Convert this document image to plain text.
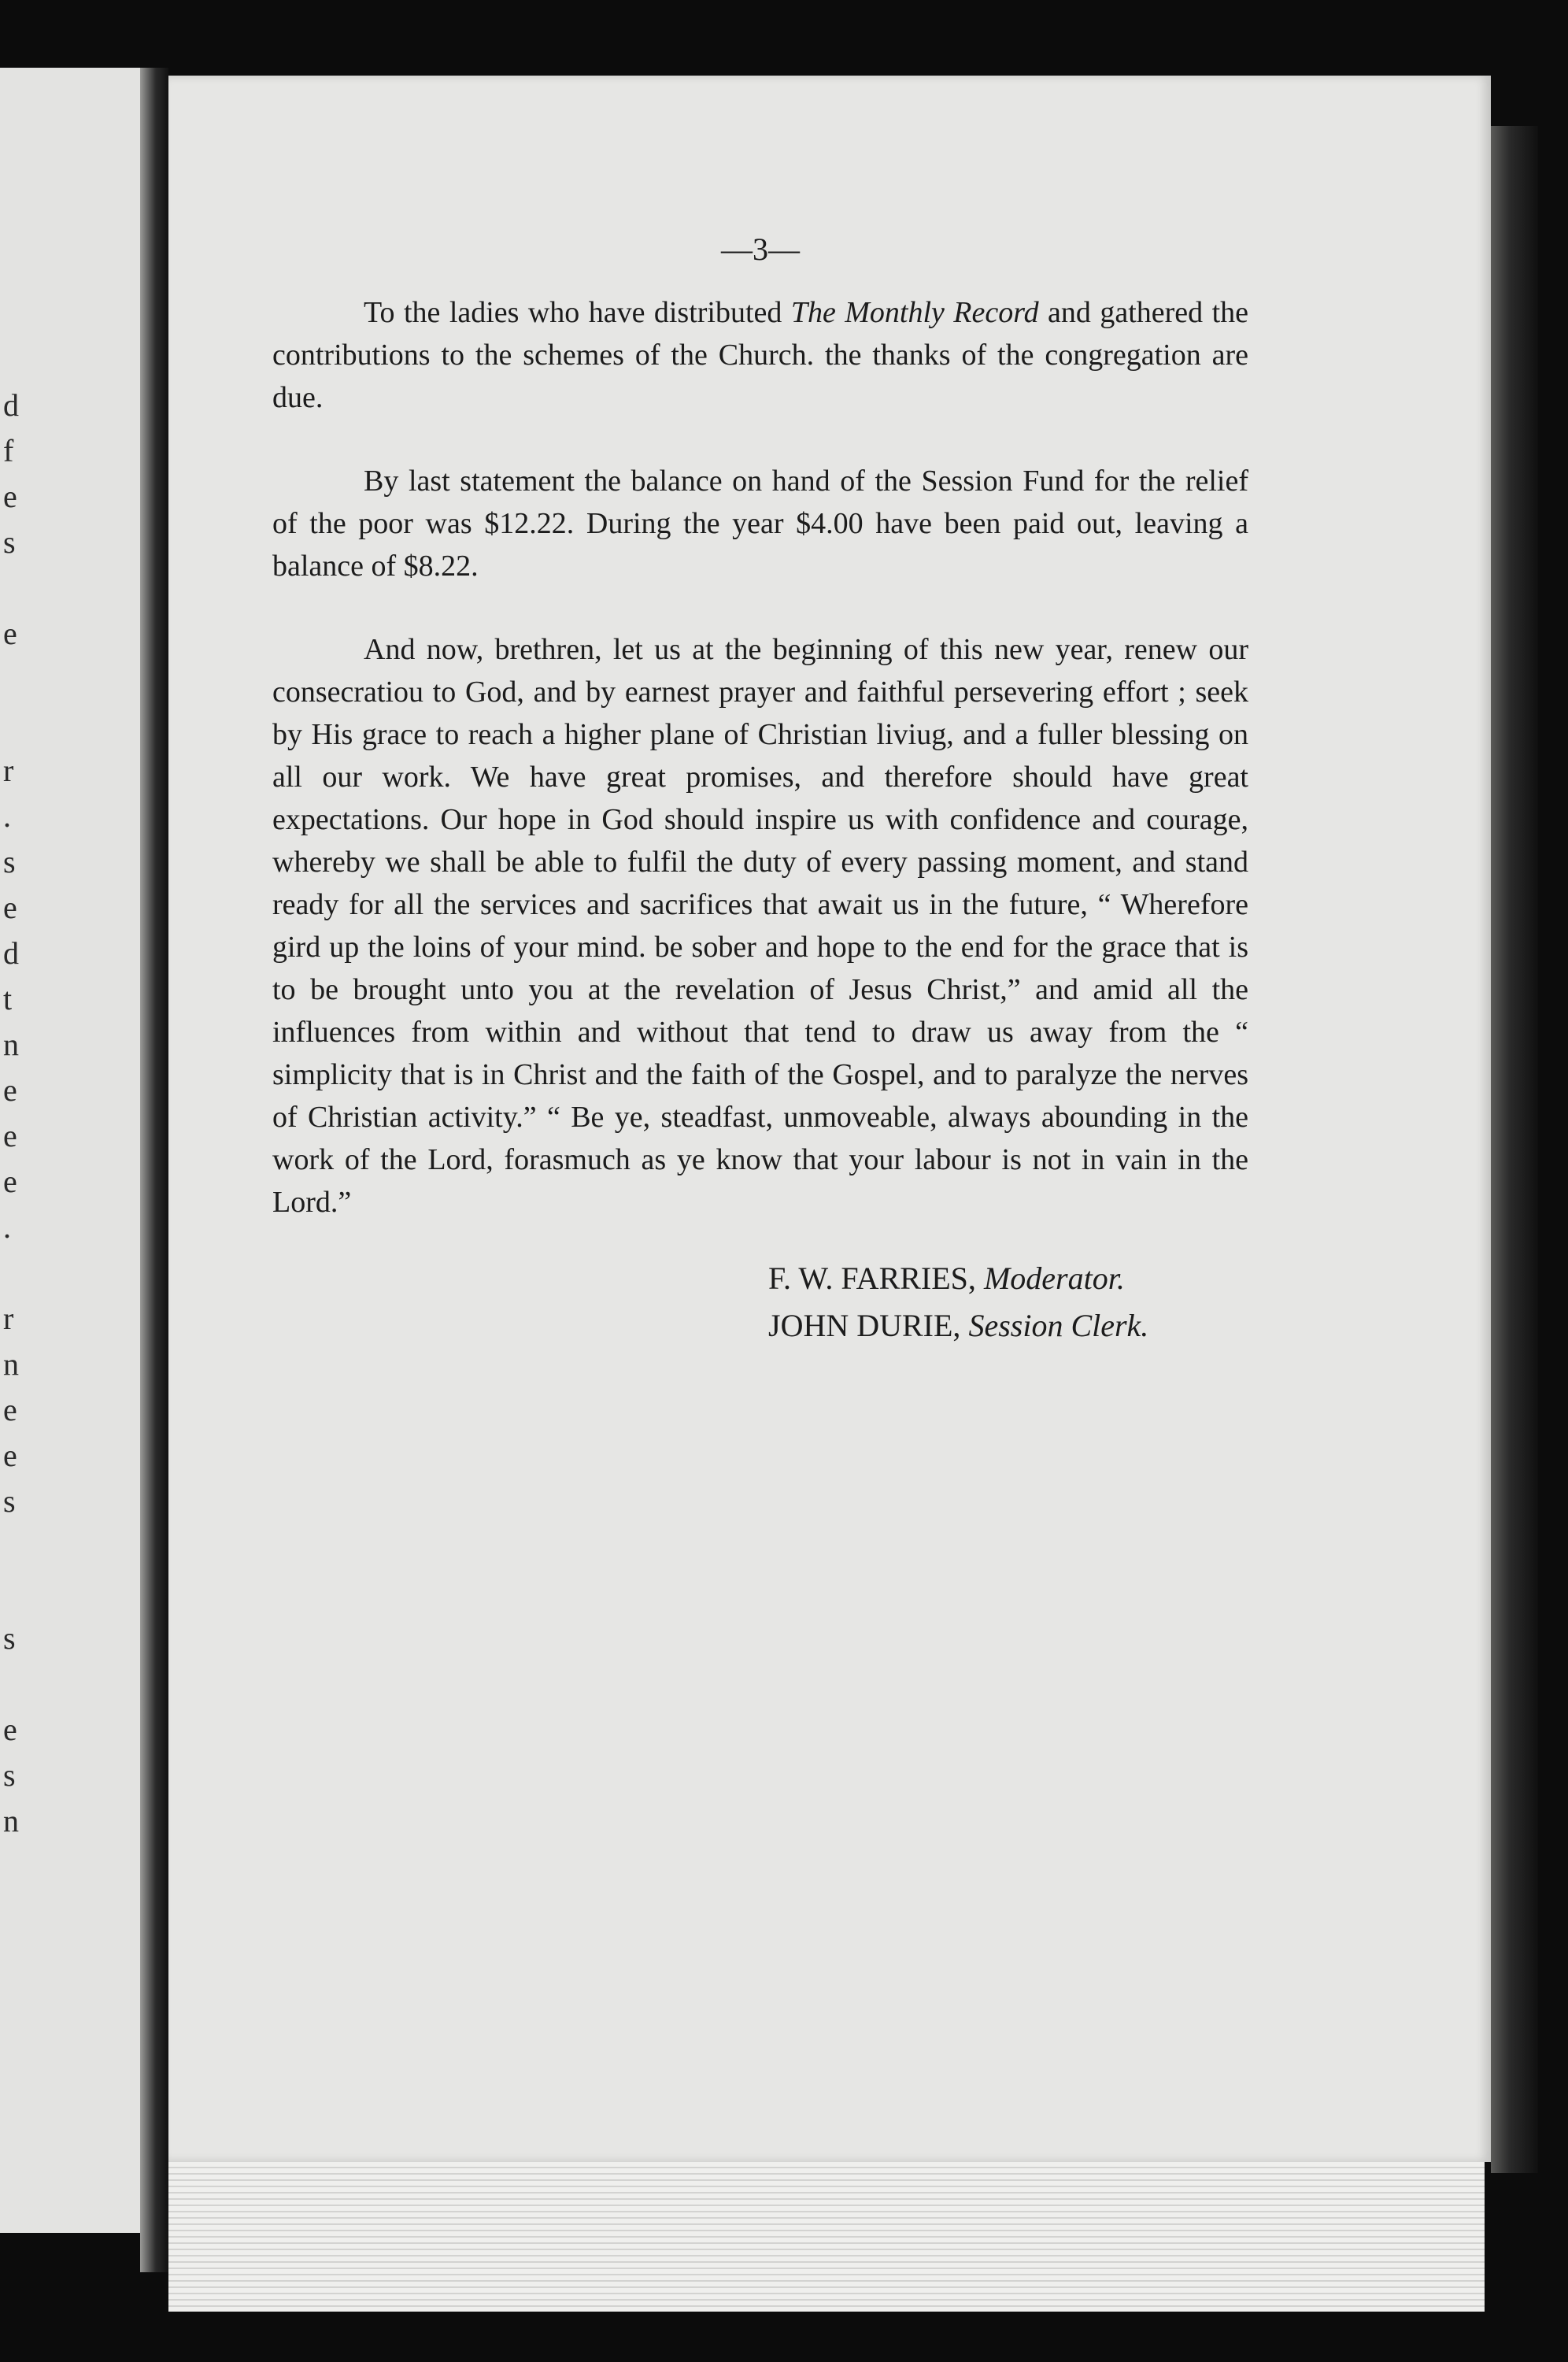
d
f
e
s
e
r
.
s
e
d
t
n
e
e
e
.
r
n
e
e
s
s
e
s
n
—3—

To the ladies who have distributed The Monthly Record and gathered the contributions to the schemes of the Church. the thanks of the congregation are due.

By last statement the balance on hand of the Session Fund for the relief of the poor was $12.22. During the year $4.00 have been paid out, leaving a balance of $8.22.

And now, brethren, let us at the beginning of this new year, renew our consecratiou to God, and by earnest prayer and faithful persevering effort ; seek by His grace to reach a higher plane of Christian liviug, and a fuller blessing on all our work. We have great promises, and therefore should have great expectations. Our hope in God should inspire us with confidence and courage, whereby we shall be able to fulfil the duty of every passing moment, and stand ready for all the services and sacrifices that await us in the future, “ Wherefore gird up the loins of your mind. be sober and hope to the end for the grace that is to be brought unto you at the revelation of Jesus Christ,” and amid all the influences from within and without that tend to draw us away from the “ simplicity that is in Christ and the faith of the Gospel, and to paralyze the nerves of Christian activity.” “ Be ye, steadfast, unmoveable, always abounding in the work of the Lord, forasmuch as ye know that your labour is not in vain in the Lord.”

F. W. FARRIES, Moderator.
JOHN DURIE, Session Clerk.
